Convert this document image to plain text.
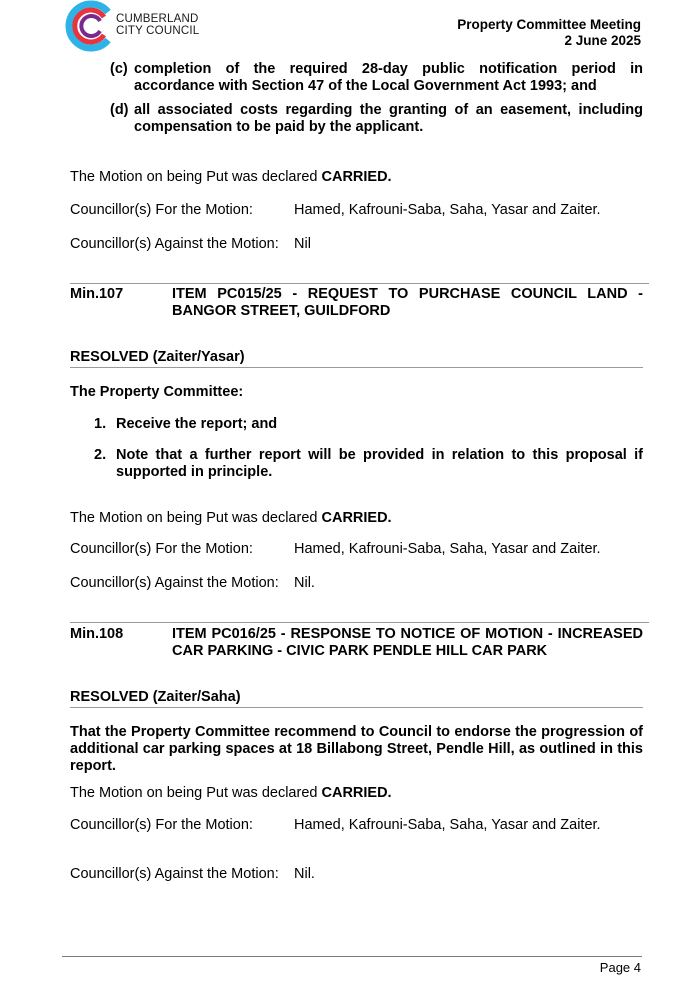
CUMBERLAND
CITY COUNCIL	Property Committee Meeting
2 June 2025
(c) completion of the required 28-day public notification period in accordance with Section 47 of the Local Government Act 1993; and
(d) all associated costs regarding the granting of an easement, including compensation to be paid by the applicant.
The Motion on being Put was declared CARRIED.
Councillor(s) For the Motion:	Hamed, Kafrouni-Saba, Saha, Yasar and Zaiter.
Councillor(s) Against the Motion:	Nil
Min.107	ITEM PC015/25 - REQUEST TO PURCHASE COUNCIL LAND - BANGOR STREET, GUILDFORD
RESOLVED (Zaiter/Yasar)
The Property Committee:
1. Receive the report; and
2. Note that a further report will be provided in relation to this proposal if supported in principle.
The Motion on being Put was declared CARRIED.
Councillor(s) For the Motion:	Hamed, Kafrouni-Saba, Saha, Yasar and Zaiter.
Councillor(s) Against the Motion:	Nil.
Min.108	ITEM PC016/25 - RESPONSE TO NOTICE OF MOTION - INCREASED CAR PARKING - CIVIC PARK PENDLE HILL CAR PARK
RESOLVED (Zaiter/Saha)
That the Property Committee recommend to Council to endorse the progression of additional car parking spaces at 18 Billabong Street, Pendle Hill, as outlined in this report.
The Motion on being Put was declared CARRIED.
Councillor(s) For the Motion:	Hamed, Kafrouni-Saba, Saha, Yasar and Zaiter.
Councillor(s) Against the Motion:	Nil.
Page 4
